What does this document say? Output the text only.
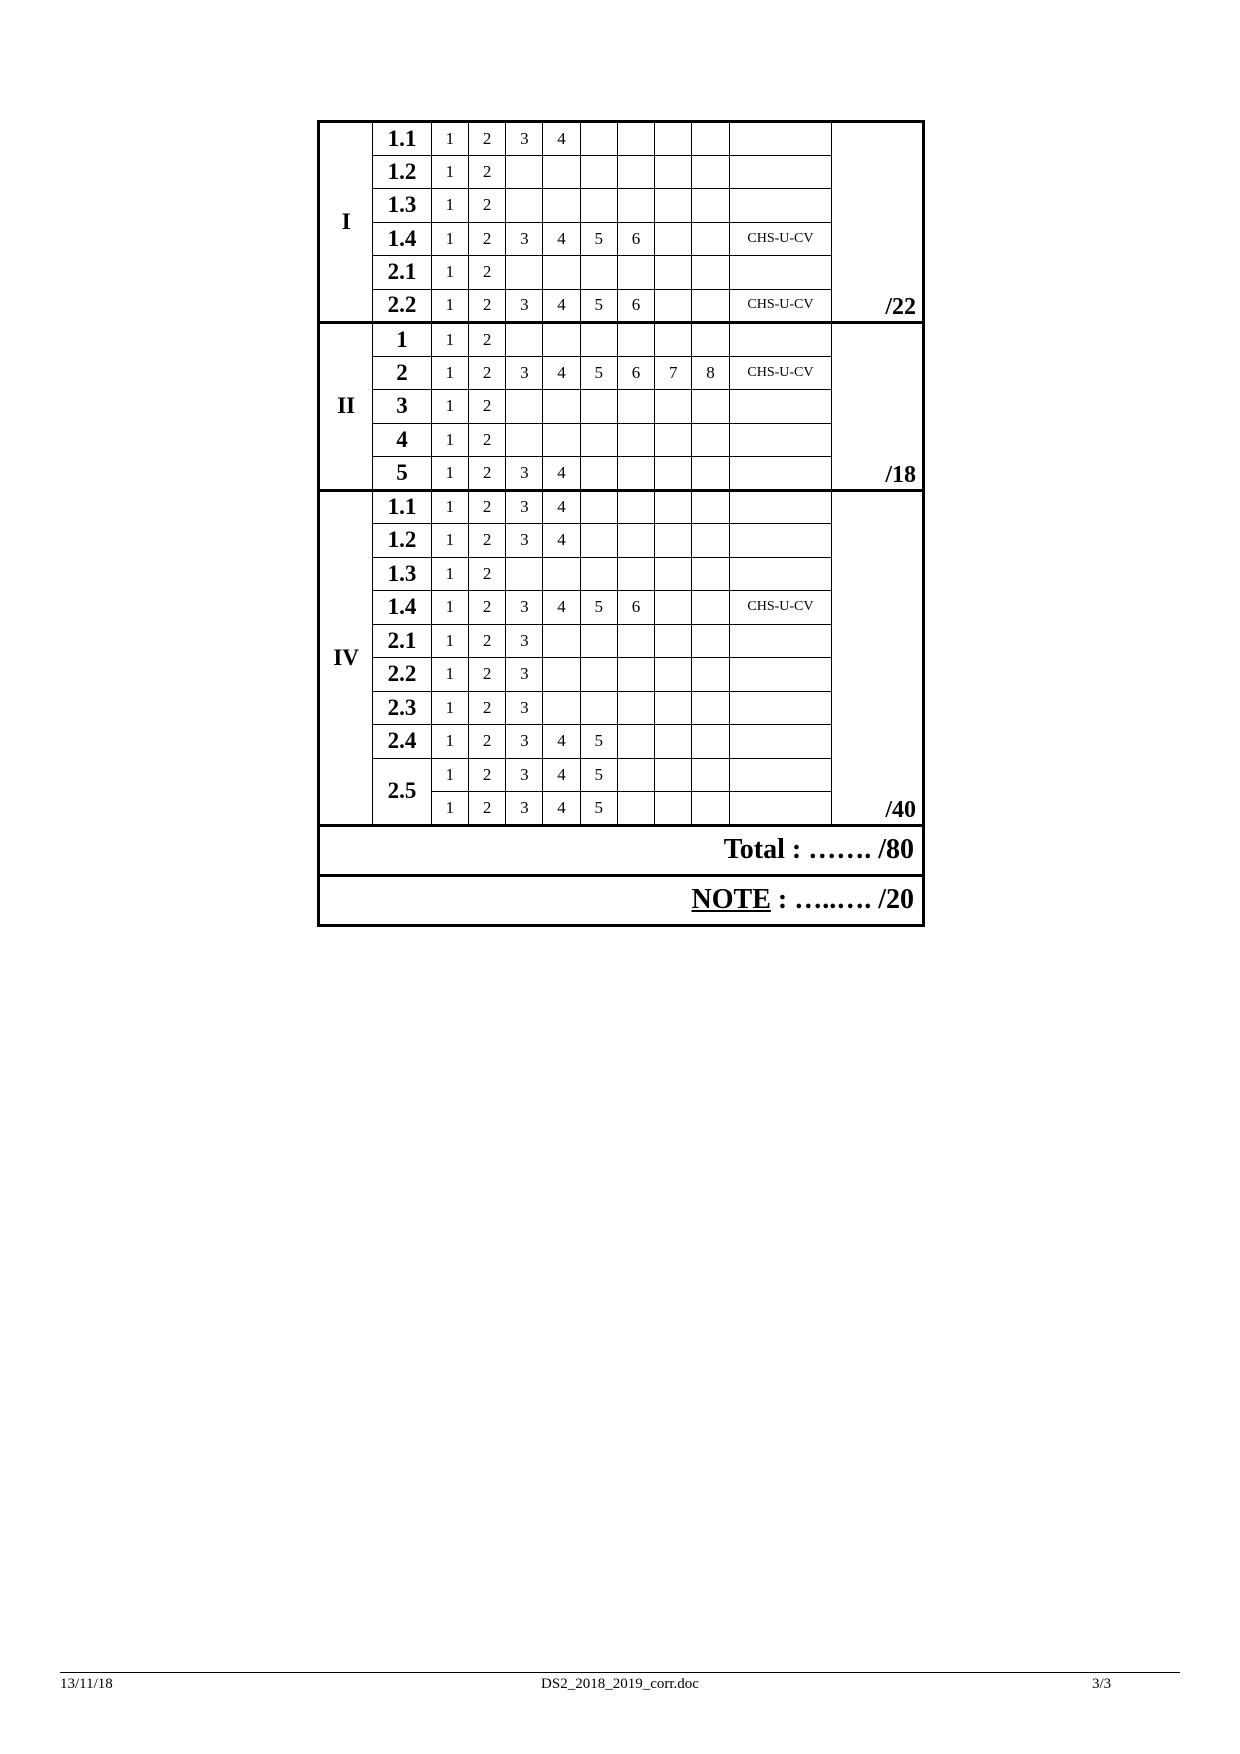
I	1.1	1	2	3	4						/22
	1.2	1	2								
	1.3	1	2								
	1.4	1	2	3	4	5	6			CHS-U-CV	
	2.1	1	2								
	2.2	1	2	3	4	5	6			CHS-U-CV	
II	1	1	2								/18
	2	1	2	3	4	5	6	7	8	CHS-U-CV	
	3	1	2								
	4	1	2								
	5	1	2	3	4						
IV	1.1	1	2	3	4						/40
	1.2	1	2	3	4						
	1.3	1	2								
	1.4	1	2	3	4	5	6			CHS-U-CV	
	2.1	1	2	3							
	2.2	1	2	3							
	2.3	1	2	3							
	2.4	1	2	3	4	5					
	2.5	1	2	3	4	5					
		1	2	3	4	5					
Total : ……. /80											
NOTE : …..…. /20											
13/11/18	DS2_2018_2019_corr.doc	3/3
